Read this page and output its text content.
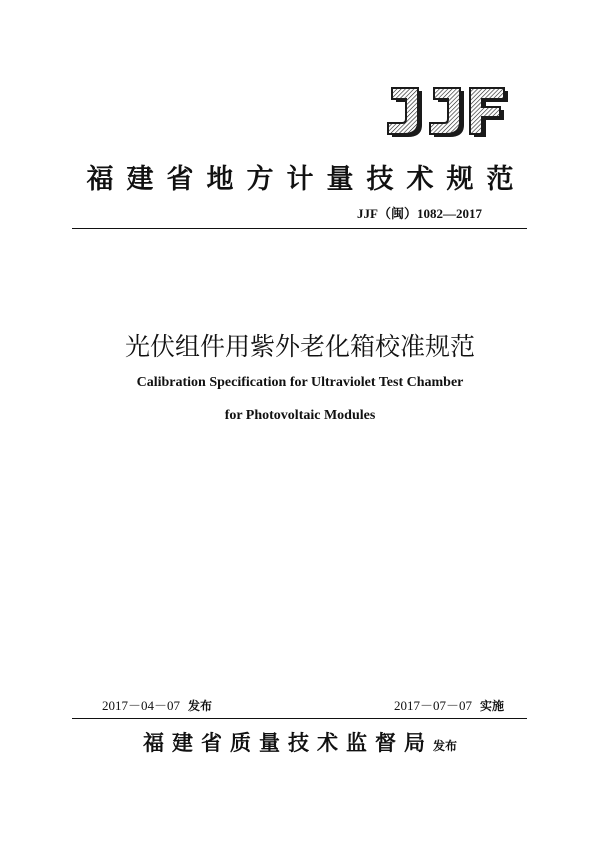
福建省地方计量技术规范
JJF（闽）1082—2017
光伏组件用紫外老化箱校准规范
Calibration Specification for Ultraviolet Test Chamber
for Photovoltaic Modules
2017－04－07 发布	2017－07－07 实施
福建省质量技术监督局发布
